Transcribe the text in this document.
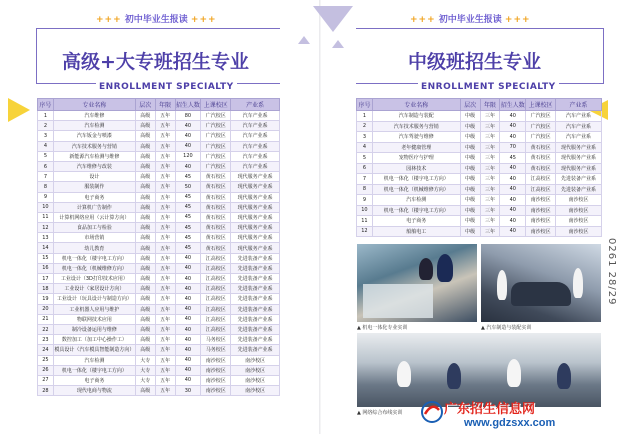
+++ 初中毕业生报读 +++
高级+大专班招生专业
ENROLLMENT SPECIALTY
序号	专业名称	层次	年限	招生人数	上课校区	产业系
1	汽车维修	高级	五年	80	广汽校区	汽车产业系
2	汽车检测	高级	五年	40	广汽校区	汽车产业系
3	汽车钣金与喷漆	高级	五年	40	广汽校区	汽车产业系
4	汽车技术服务与营销	高级	五年	40	广汽校区	汽车产业系
5	新能源汽车检测与维修	高级	五年	120	广汽校区	汽车产业系
6	汽车维修与改装	高级	五年	40	广汽校区	汽车产业系
7	设计	高级	五年	45	黄石校区	现代服务产业系
8	服装制作	高级	五年	50	黄石校区	现代服务产业系
9	电子商务	高级	五年	45	黄石校区	现代服务产业系
10	计算机广告制作	高级	五年	45	黄石校区	现代服务产业系
11	计算机网络应用（云计算方向）	高级	五年	45	黄石校区	现代服务产业系
12	食品加工与检验	高级	五年	45	黄石校区	现代服务产业系
13	市场营销	高级	五年	45	黄石校区	现代服务产业系
14	幼儿教育	高级	五年	45	黄石校区	现代服务产业系
15	机电一体化（楼宇电工方向）	高级	五年	40	江高校区	先进装备产业系
16	机电一体化（机械维修方向）	高级	五年	40	江高校区	先进装备产业系
17	工业设计（3D打印技术应用）	高级	五年	40	江高校区	先进装备产业系
18	工业设计（家居设计方向）	高级	五年	40	江高校区	先进装备产业系
19	工业设计（玩具设计与制造方向）	高级	五年	40	江高校区	先进装备产业系
20	工业机器人应用与维护	高级	五年	40	江高校区	先进装备产业系
21	物联网技术应用	高级	五年	40	江高校区	先进装备产业系
22	制冷设备运用与维修	高级	五年	40	江高校区	先进装备产业系
23	数控加工（加工中心操作工）	高级	五年	40	马务校区	先进装备产业系
24	模具设计（汽车模具智能制造方向）	高级	五年	40	马务校区	先进装备产业系
25	汽车检测	大专	五年	40	南沙校区	南沙校区
26	机电一体化（楼宇电工方向）	大专	五年	40	南沙校区	南沙校区
27	电子商务	大专	五年	40	南沙校区	南沙校区
28	现代电商与物流	高级	五年	30	南沙校区	南沙校区
+++ 初中毕业生报读 +++
中级班招生专业
ENROLLMENT SPECIALTY
序号	专业名称	层次	年限	招生人数	上课校区	产业系
1	汽车制造与装配	中级	三年	40	广汽校区	汽车产业系
2	汽车技术服务与营销	中级	三年	40	广汽校区	汽车产业系
3	汽车驾驶与维修	中级	三年	40	广汽校区	汽车产业系
4	老年健康管理	中级	三年	70	黄石校区	现代服务产业系
5	宠物医疗与护理	中级	三年	45	黄石校区	现代服务产业系
6	园林技术	中级	三年	40	黄石校区	现代服务产业系
7	机电一体化（楼宇电工方向）	中级	三年	40	江高校区	先进装备产业系
8	机电一体化（机械维修方向）	中级	三年	40	江高校区	先进装备产业系
9	汽车检测	中级	三年	40	南沙校区	南沙校区
10	机电一体化（楼宇电工方向）	中级	三年	40	南沙校区	南沙校区
11	电子商务	中级	三年	40	南沙校区	南沙校区
12	船舶电工	中级	三年	40	南沙校区	南沙校区
0261 28/29
▲ 机电一体化专业实训	▲ 汽车制造与装配实训
▲ 网络综合布线实训	广东招生信息网
www.gdzsxx.com
